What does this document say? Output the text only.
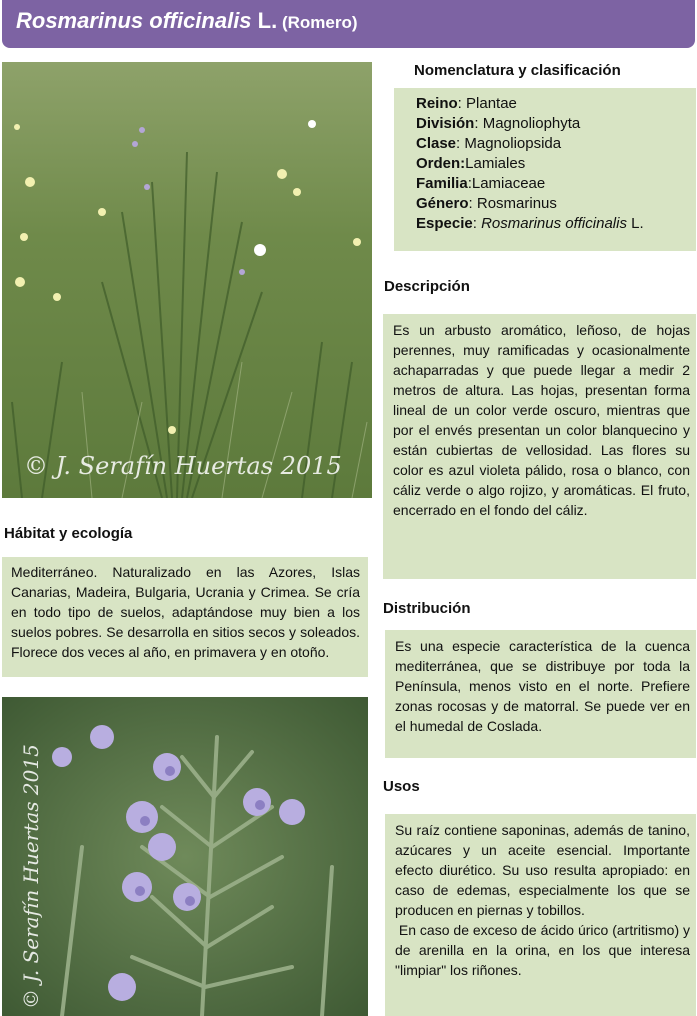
Rosmarinus officinalis L. (Romero)
© J. Serafín Huertas 2015
Nomenclatura y clasificación
Reino: Plantae
División: Magnoliophyta
Clase: Magnoliopsida
Orden:Lamiales
Familia:Lamiaceae
Género: Rosmarinus
Especie: Rosmarinus officinalis L.
Descripción

Es un arbusto aromático, leñoso, de hojas perennes, muy ramificadas y ocasionalmente achaparradas y que puede llegar a medir 2 metros de altura. Las hojas, presentan forma lineal de un color verde oscuro, mientras que por el envés presentan un color blanquecino y están cubiertas de vellosidad. Las flores su color es azul violeta pálido, rosa o blanco, con cáliz verde o algo rojizo, y aromáticas. El fruto, encerrado en el fondo del cáliz.

Hábitat y ecología

Mediterráneo. Naturalizado en las Azores, Islas Canarias, Madeira, Bulgaria, Ucrania y Crimea. Se cría en todo tipo de suelos, adaptándose muy bien a los suelos pobres. Se desarrolla en sitios secos y soleados. Florece dos veces al año, en primavera y en otoño.

Distribución

Es una especie característica de la cuenca mediterránea, que se distribuye por toda la Península, menos visto en el norte. Prefiere zonas rocosas y de matorral. Se puede ver en el humedal de Coslada.

Usos

Su raíz contiene saponinas, además de tanino, azúcares y un aceite esencial. Importante efecto diurético. Su uso resulta apropiado: en caso de edemas, especialmente los que se producen en piernas y tobillos.

En caso de exceso de ácido úrico (artritismo) y de arenilla en la orina, en los que interesa "limpiar" los riñones.

© J. Serafín Huertas 2015
